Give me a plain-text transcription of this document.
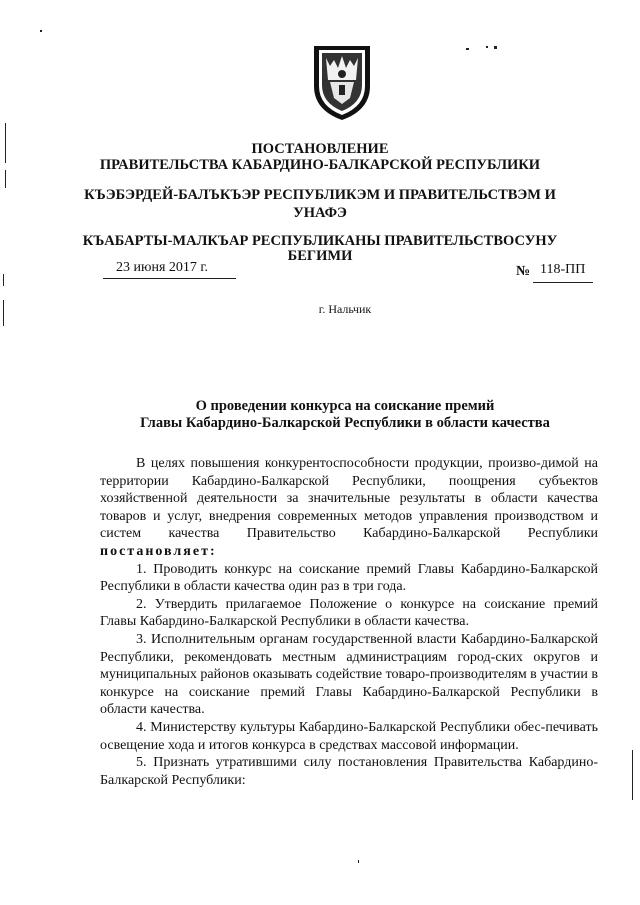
ПОСТАНОВЛЕНИЕ
ПРАВИТЕЛЬСТВА КАБАРДИНО-БАЛКАРСКОЙ РЕСПУБЛИКИ
КЪЭБЭРДЕЙ-БАЛЪКЪЭР РЕСПУБЛИКЭМ И ПРАВИТЕЛЬСТВЭМ И
УНАФЭ
КЪАБАРТЫ-МАЛКЪАР РЕСПУБЛИКАНЫ ПРАВИТЕЛЬСТВОСУНУ
БЕГИМИ
23 июня 2017 г.	№ 118-ПП
г. Нальчик
О проведении конкурса на соискание премий
Главы Кабардино-Балкарской Республики в области качества

В целях повышения конкурентоспособности продукции, произво-димой на территории Кабардино-Балкарской Республики, поощрения субъектов хозяйственной деятельности за значительные результаты в области качества товаров и услуг, внедрения современных методов управления производством и систем качества Правительство Кабардино-Балкарской Республики постановляет:

1. Проводить конкурс на соискание премий Главы Кабардино-Балкарской Республики в области качества один раз в три года.

2. Утвердить прилагаемое Положение о конкурсе на соискание премий Главы Кабардино-Балкарской Республики в области качества.

3. Исполнительным органам государственной власти Кабардино-Балкарской Республики, рекомендовать местным администрациям город-ских округов и муниципальных районов оказывать содействие товаро-производителям в участии в конкурсе на соискание премий Главы Кабардино-Балкарской Республики в области качества.

4. Министерству культуры Кабардино-Балкарской Республики обес-печивать освещение хода и итогов конкурса в средствах массовой информации.

5. Признать утратившими силу постановления Правительства Кабардино-Балкарской Республики:
